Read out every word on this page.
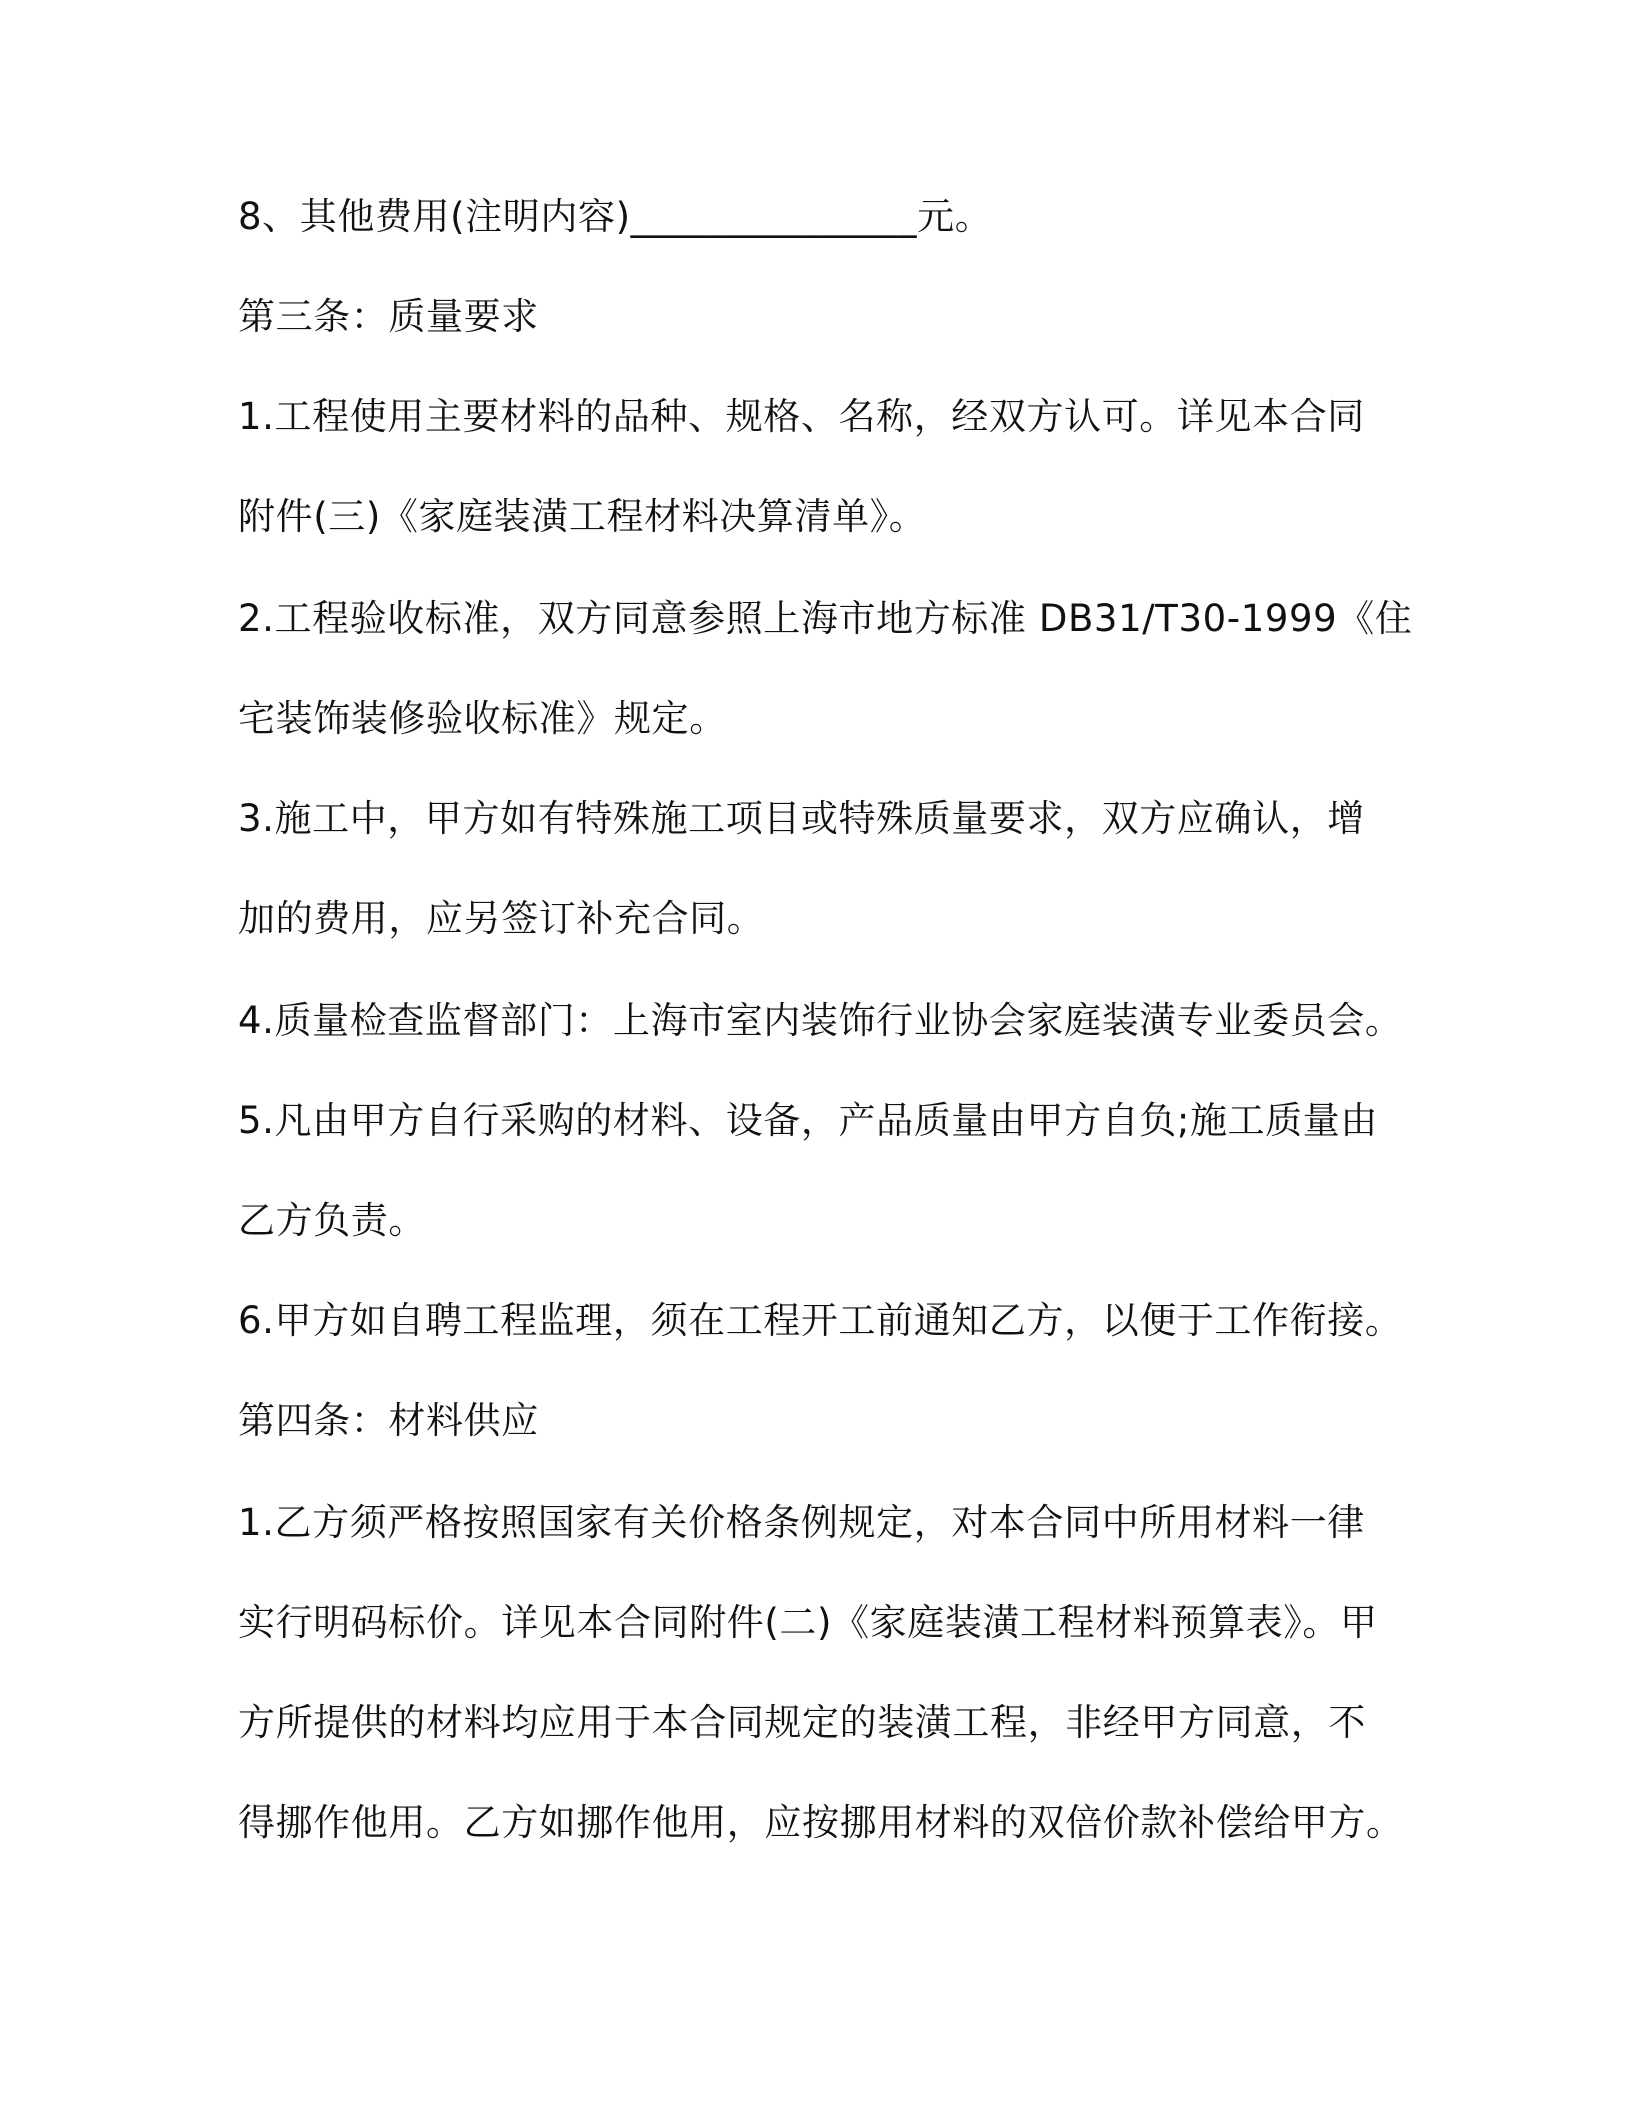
8、其他费用(注明内容)_______________元。

第三条：质量要求

1.工程使用主要材料的品种、规格、名称，经双方认可。详见本合同

附件(三)《家庭装潢工程材料决算清单》。

2.工程验收标准，双方同意参照上海市地方标准 DB31/T30-1999《住

宅装饰装修验收标准》规定。

3.施工中，甲方如有特殊施工项目或特殊质量要求，双方应确认，增

加的费用，应另签订补充合同。

4.质量检查监督部门：上海市室内装饰行业协会家庭装潢专业委员会。

5.凡由甲方自行采购的材料、设备，产品质量由甲方自负;施工质量由

乙方负责。

6.甲方如自聘工程监理，须在工程开工前通知乙方，以便于工作衔接。

第四条：材料供应

1.乙方须严格按照国家有关价格条例规定，对本合同中所用材料一律

实行明码标价。详见本合同附件(二)《家庭装潢工程材料预算表》。甲

方所提供的材料均应用于本合同规定的装潢工程，非经甲方同意，不

得挪作他用。乙方如挪作他用，应按挪用材料的双倍价款补偿给甲方。
